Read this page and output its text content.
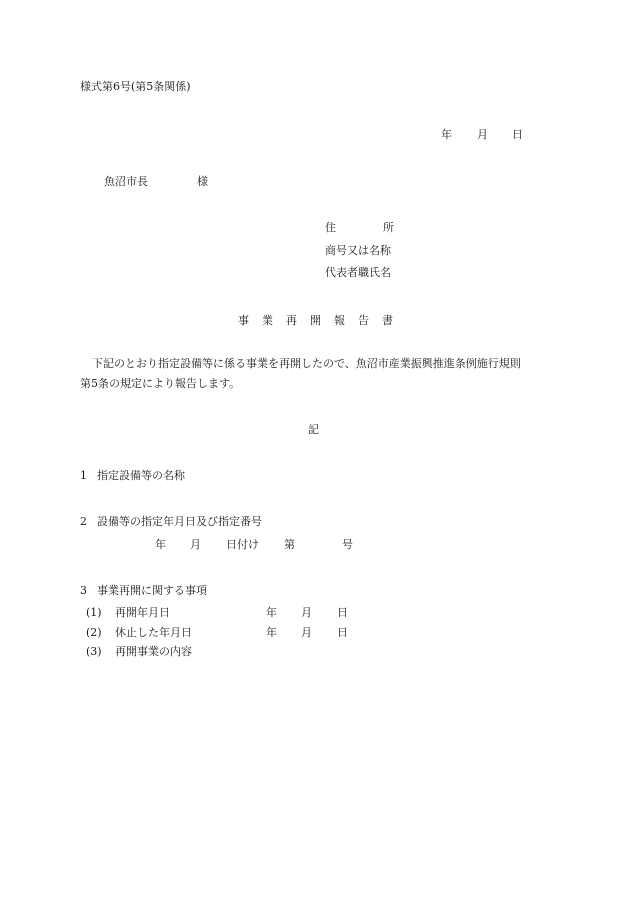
様式第6号(第5条関係)
年 月 日
魚沼市長	様
住	所
商号又は名称
代表者職氏名
事 業 再 開 報 告 書
下記のとおり指定設備等に係る事業を再開したので、魚沼市産業振興推進条例施行規則
第5条の規定により報告します。
記
1 指定設備等の名称
2 設備等の指定年月日及び指定番号
年 月 日付け 第	号
3 事業再開に関する事項
(1) 再開年月日	年 月 日
(2) 休止した年月日	年 月 日
(3) 再開事業の内容
